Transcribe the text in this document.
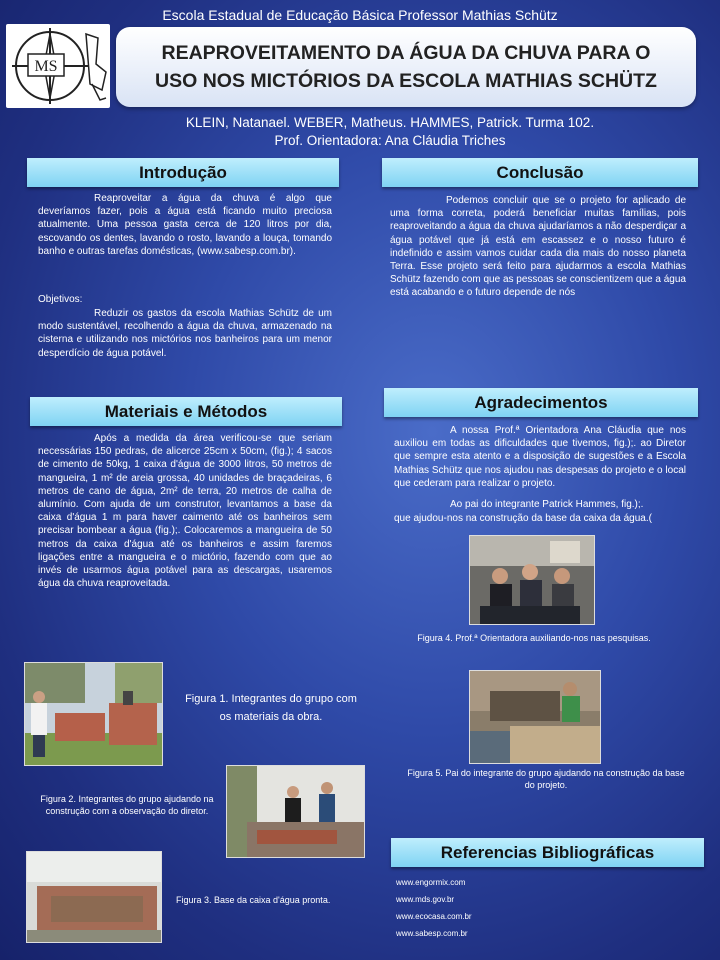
Escola Estadual de Educação Básica Professor Mathias Schütz
MS
REAPROVEITAMENTO DA ÁGUA DA CHUVA PARA O
USO NOS MICTÓRIOS DA ESCOLA MATHIAS SCHÜTZ
KLEIN, Natanael. WEBER, Matheus. HAMMES, Patrick. Turma 102.
Prof. Orientadora: Ana Cláudia Triches
Introdução
Reaproveitar a água da chuva é algo que deveríamos fazer, pois a água está ficando muito preciosa atualmente. Uma pessoa gasta cerca de 120 litros por dia, escovando os dentes, lavando o rosto, lavando a louça, tomando banho e outras tarefas domésticas, (www.sabesp.com.br).
Objetivos:
Reduzir os gastos da escola Mathias Schütz de um modo sustentável, recolhendo a água da chuva, armazenado na cisterna e utilizando nos mictórios nos banheiros para um menor desperdício de água potável.
Materiais e Métodos
Após a medida da área verificou-se que seriam necessárias 150 pedras, de alicerce 25cm x 50cm, (fig.); 4 sacos de cimento de 50kg, 1 caixa d'água de 3000 litros, 50 metros de mangueira, 1 m² de areia grossa, 40 unidades de braçadeiras, 6 metros de cano de água, 2m² de terra, 20 metros de calha de alumínio. Com ajuda de um construtor, levantamos a base da caixa d'água 1 m para haver caimento até os banheiros sem precisar bombear a água (fig.);. Colocaremos a mangueira de 50 metros da caixa d'água até os banheiros e assim faremos ligações entre a mangueira e o mictório, fazendo com que ao invés de usarmos água potável para as descargas, usaremos água da chuva reaproveitada.
Conclusão
Podemos concluir que se o projeto for aplicado de uma forma correta, poderá beneficiar muitas famílias, pois reaproveitando a água da chuva ajudaríamos a não desperdiçar a água potável que já está em escassez e o nosso futuro é indefinido e assim vamos cuidar cada dia mais do nosso planeta Terra. Esse projeto será feito para ajudarmos a escola Mathias Schütz fazendo com que as pessoas se conscientizem que a água está acabando e o futuro depende de nós
Agradecimentos
A nossa Prof.ª Orientadora Ana Cláudia que nos auxiliou em todas as dificuldades que tivemos, fig.);. ao Diretor que sempre esta atento e a disposição de sugestões e a Escola Mathias Schütz que nos ajudou nas despesas do projeto e o local que cederam para realizar o projeto.
Ao pai do integrante Patrick Hammes, fig.);.
que ajudou-nos na construção da base da caixa da água.(
Figura 4. Prof.ª Orientadora auxiliando-nos nas pesquisas.
Figura 5. Pai do integrante do grupo ajudando na construção da base do projeto.
Figura 1. Integrantes do grupo com os materiais da obra.
Figura 2. Integrantes do grupo ajudando na construção com a observação do diretor.
Figura 3. Base da caixa d'água pronta.
Referencias Bibliográficas
www.engormix.com
www.mds.gov.br
www.ecocasa.com.br
www.sabesp.com.br
